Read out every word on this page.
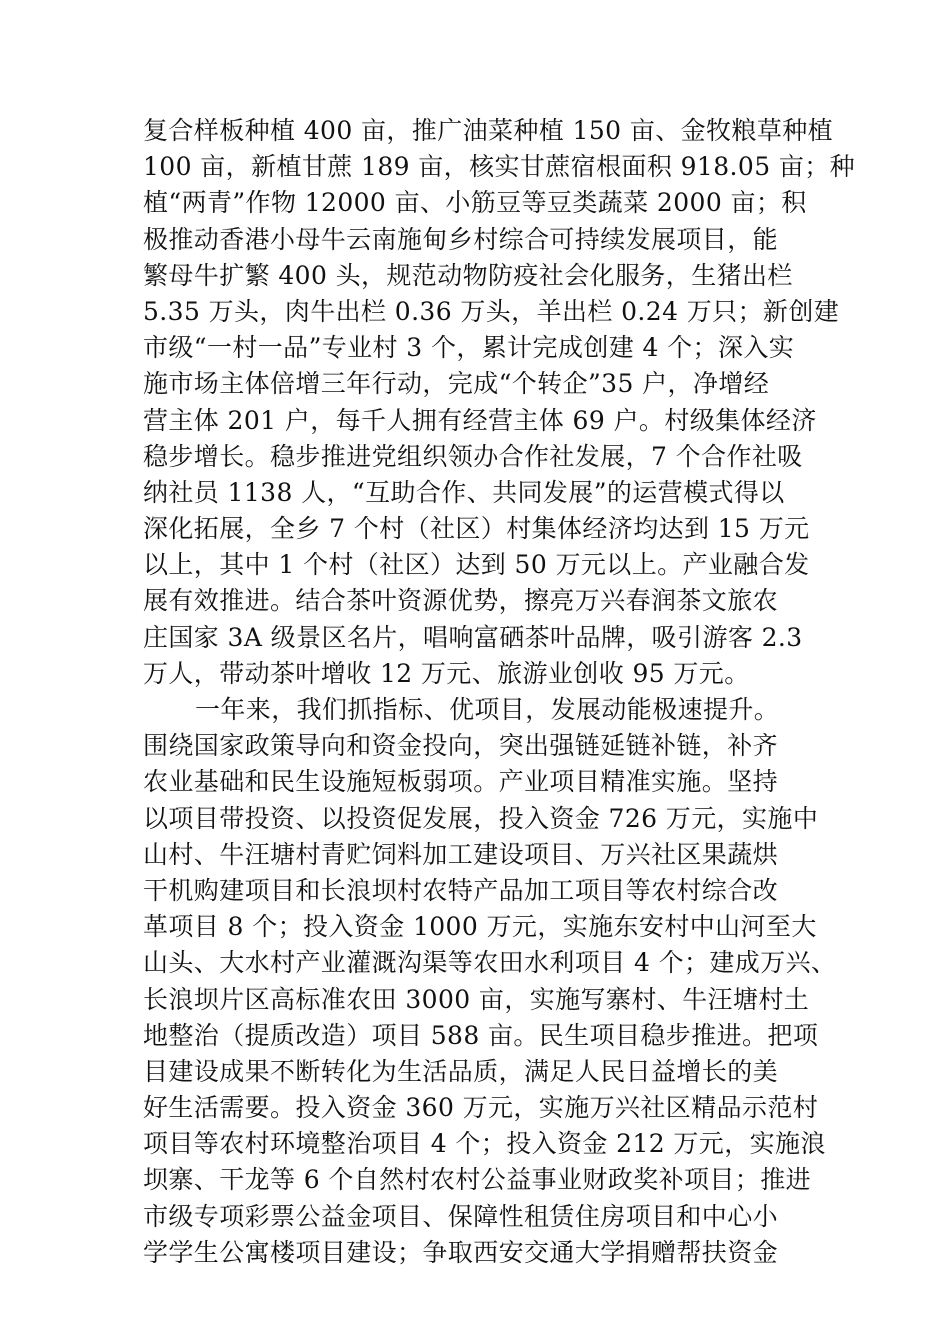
复合样板种植 400 亩，推广油菜种植 150 亩、金牧粮草种植
100 亩，新植甘蔗 189 亩，核实甘蔗宿根面积 918.05 亩；种
植“两青”作物 12000 亩、小筋豆等豆类蔬菜 2000 亩；积
极推动香港小母牛云南施甸乡村综合可持续发展项目，能
繁母牛扩繁 400 头，规范动物防疫社会化服务，生猪出栏
5.35 万头，肉牛出栏 0.36 万头，羊出栏 0.24 万只；新创建
市级“一村一品”专业村 3 个，累计完成创建 4 个；深入实
施市场主体倍增三年行动，完成“个转企”35 户，净增经
营主体 201 户，每千人拥有经营主体 69 户。村级集体经济
稳步增长。稳步推进党组织领办合作社发展，7 个合作社吸
纳社员 1138 人，“互助合作、共同发展”的运营模式得以
深化拓展，全乡 7 个村（社区）村集体经济均达到 15 万元
以上，其中 1 个村（社区）达到 50 万元以上。产业融合发
展有效推进。结合茶叶资源优势，擦亮万兴春润茶文旅农
庄国家 3A 级景区名片，唱响富硒茶叶品牌，吸引游客 2.3
万人，带动茶叶增收 12 万元、旅游业创收 95 万元。
一年来，我们抓指标、优项目，发展动能极速提升。
围绕国家政策导向和资金投向，突出强链延链补链，补齐
农业基础和民生设施短板弱项。产业项目精准实施。坚持
以项目带投资、以投资促发展，投入资金 726 万元，实施中
山村、牛汪塘村青贮饲料加工建设项目、万兴社区果蔬烘
干机购建项目和长浪坝村农特产品加工项目等农村综合改
革项目 8 个；投入资金 1000 万元，实施东安村中山河至大
山头、大水村产业灌溉沟渠等农田水利项目 4 个；建成万兴、
长浪坝片区高标准农田 3000 亩，实施写寨村、牛汪塘村土
地整治（提质改造）项目 588 亩。民生项目稳步推进。把项
目建设成果不断转化为生活品质，满足人民日益增长的美
好生活需要。投入资金 360 万元，实施万兴社区精品示范村
项目等农村环境整治项目 4 个；投入资金 212 万元，实施浪
坝寨、干龙等 6 个自然村农村公益事业财政奖补项目；推进
市级专项彩票公益金项目、保障性租赁住房项目和中心小
学学生公寓楼项目建设；争取西安交通大学捐赠帮扶资金
